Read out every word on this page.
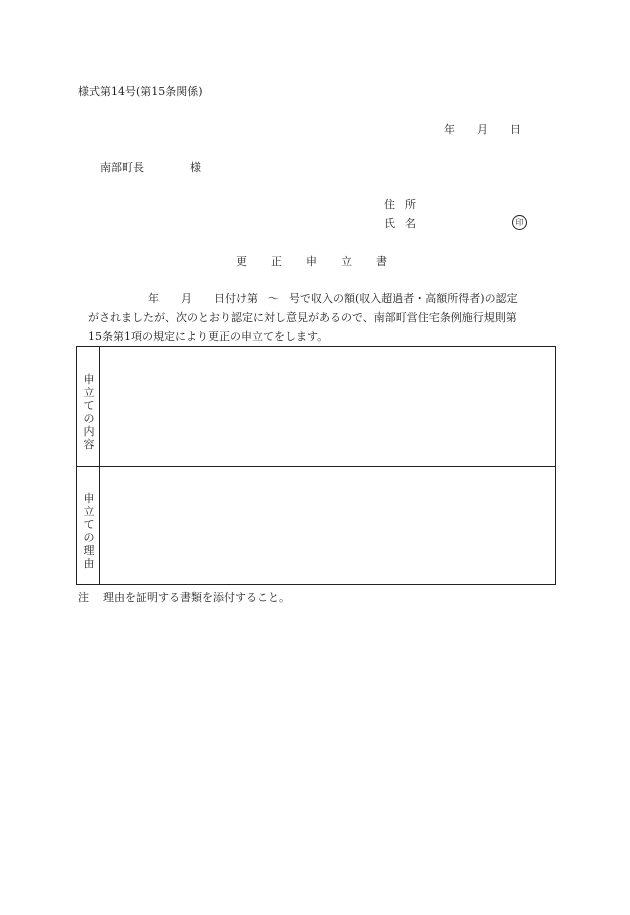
様式第14号(第15条関係)
年 月 日
南部町長	様
住 所
氏 名	印
更 正 申 立 書
年 月 日付け第 〜 号で収入の額(収入超過者・高額所得者)の認定
がされましたが、次のとおり認定に対し意見があるので、南部町営住宅条例施行規則第
15条第1項の規定により更正の申立てをします。
申立ての内容
申立ての理由
注 理由を証明する書類を添付すること。
